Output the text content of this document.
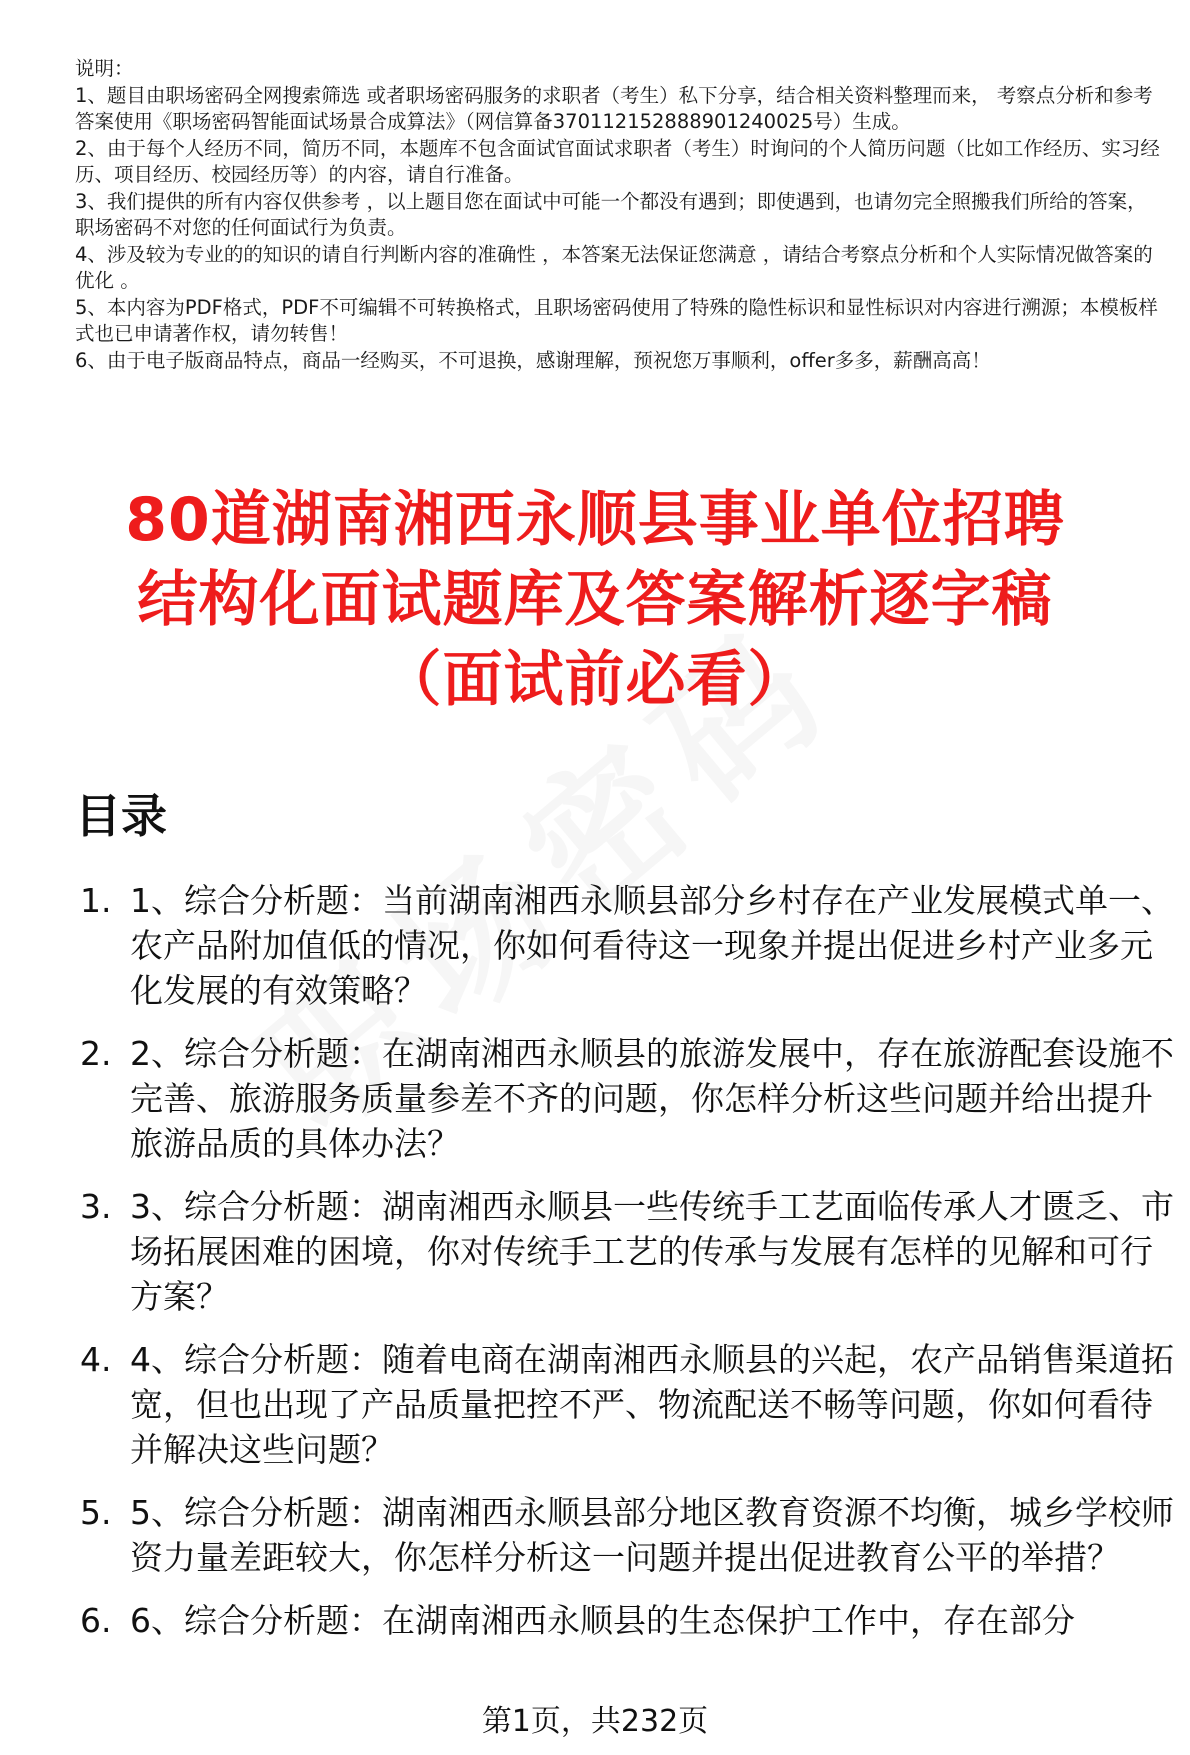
说明：
1、题目由职场密码全网搜索筛选 或者职场密码服务的求职者（考生）私下分享，结合相关资料整理而来， 考察点分析和参考答案使用《职场密码智能面试场景合成算法》（网信算备370112152888901240025号）生成。
2、由于每个人经历不同，简历不同，本题库不包含面试官面试求职者（考生）时询问的个人简历问题（比如工作经历、实习经历、项目经历、校园经历等）的内容，请自行准备。
3、我们提供的所有内容仅供参考 ，以上题目您在面试中可能一个都没有遇到；即使遇到，也请勿完全照搬我们所给的答案，职场密码不对您的任何面试行为负责。
4、涉及较为专业的的知识的请自行判断内容的准确性 ，本答案无法保证您满意 ，请结合考察点分析和个人实际情况做答案的优化 。
5、本内容为PDF格式，PDF不可编辑不可转换格式，且职场密码使用了特殊的隐性标识和显性标识对内容进行溯源；本模板样式也已申请著作权，请勿转售！
6、由于电子版商品特点，商品一经购买，不可退换，感谢理解，预祝您万事顺利，offer多多，薪酬高高！
80道湖南湘西永顺县事业单位招聘
结构化面试题库及答案解析逐字稿
（面试前必看）
目录
1. 1、综合分析题：当前湖南湘西永顺县部分乡村存在产业发展模式单一、农产品附加值低的情况，你如何看待这一现象并提出促进乡村产业多元化发展的有效策略？
2. 2、综合分析题：在湖南湘西永顺县的旅游发展中，存在旅游配套设施不完善、旅游服务质量参差不齐的问题，你怎样分析这些问题并给出提升旅游品质的具体办法？
3. 3、综合分析题：湖南湘西永顺县一些传统手工艺面临传承人才匮乏、市场拓展困难的困境，你对传统手工艺的传承与发展有怎样的见解和可行方案？
4. 4、综合分析题：随着电商在湖南湘西永顺县的兴起，农产品销售渠道拓宽，但也出现了产品质量把控不严、物流配送不畅等问题，你如何看待并解决这些问题？
5. 5、综合分析题：湖南湘西永顺县部分地区教育资源不均衡，城乡学校师资力量差距较大，你怎样分析这一问题并提出促进教育公平的举措？
6. 6、综合分析题：在湖南湘西永顺县的生态保护工作中，存在部分
第1页，共232页
